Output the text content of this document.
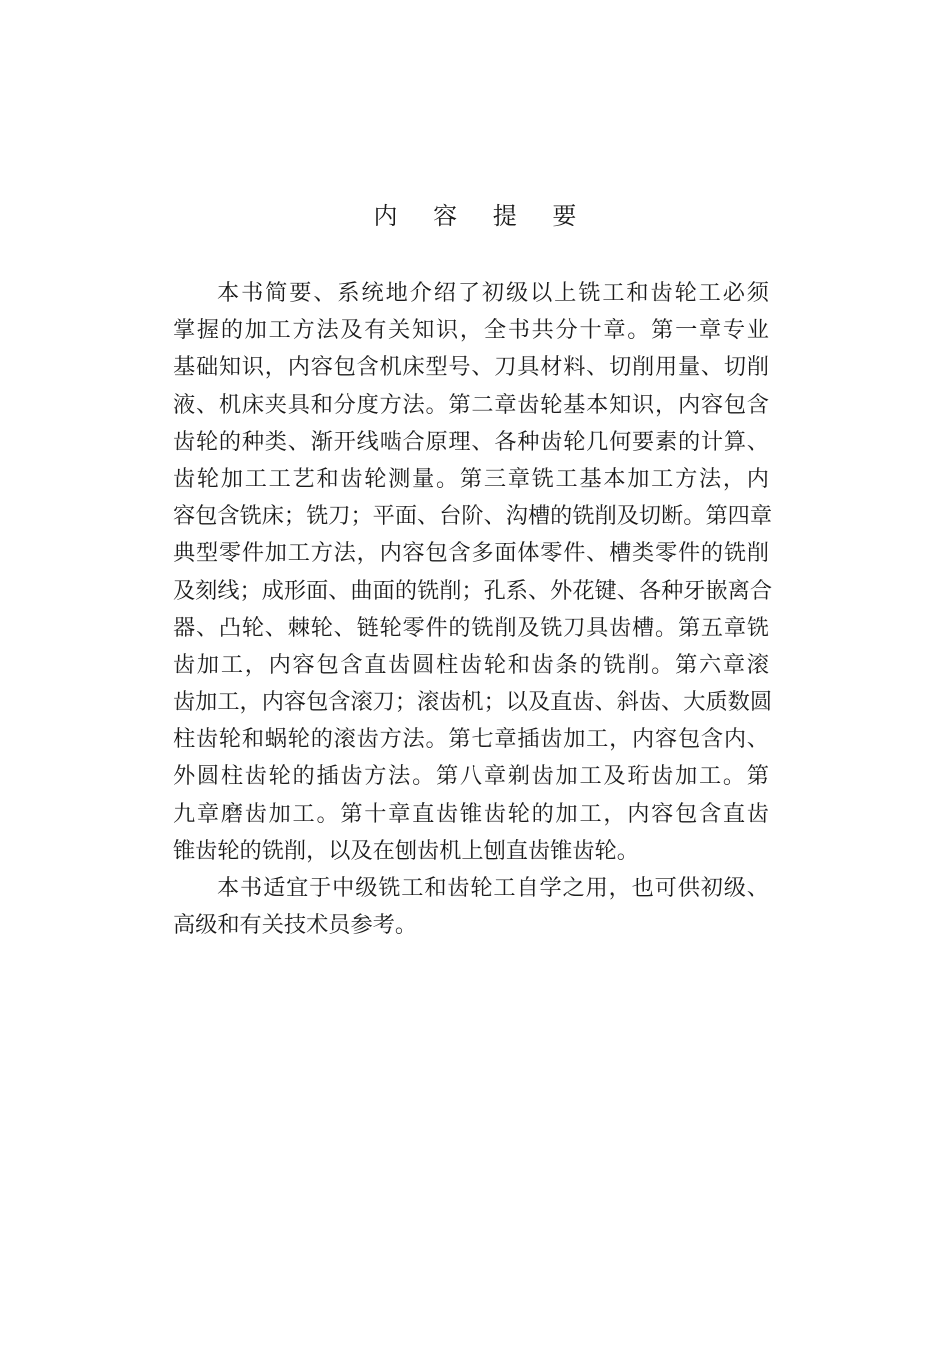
内 容 提 要
本书简要、系统地介绍了初级以上铣工和齿轮工必须
掌握的加工方法及有关知识，全书共分十章。第一章专业
基础知识，内容包含机床型号、刀具材料、切削用量、切削
液、机床夹具和分度方法。第二章齿轮基本知识，内容包含
齿轮的种类、渐开线啮合原理、各种齿轮几何要素的计算、
齿轮加工工艺和齿轮测量。第三章铣工基本加工方法，内
容包含铣床；铣刀；平面、台阶、沟槽的铣削及切断。第四章
典型零件加工方法，内容包含多面体零件、槽类零件的铣削
及刻线；成形面、曲面的铣削；孔系、外花键、各种牙嵌离合
器、凸轮、棘轮、链轮零件的铣削及铣刀具齿槽。第五章铣
齿加工，内容包含直齿圆柱齿轮和齿条的铣削。第六章滚
齿加工，内容包含滚刀；滚齿机；以及直齿、斜齿、大质数圆
柱齿轮和蜗轮的滚齿方法。第七章插齿加工，内容包含内、
外圆柱齿轮的插齿方法。第八章剃齿加工及珩齿加工。第
九章磨齿加工。第十章直齿锥齿轮的加工，内容包含直齿
锥齿轮的铣削，以及在刨齿机上刨直齿锥齿轮。
本书适宜于中级铣工和齿轮工自学之用，也可供初级、
高级和有关技术员参考。
